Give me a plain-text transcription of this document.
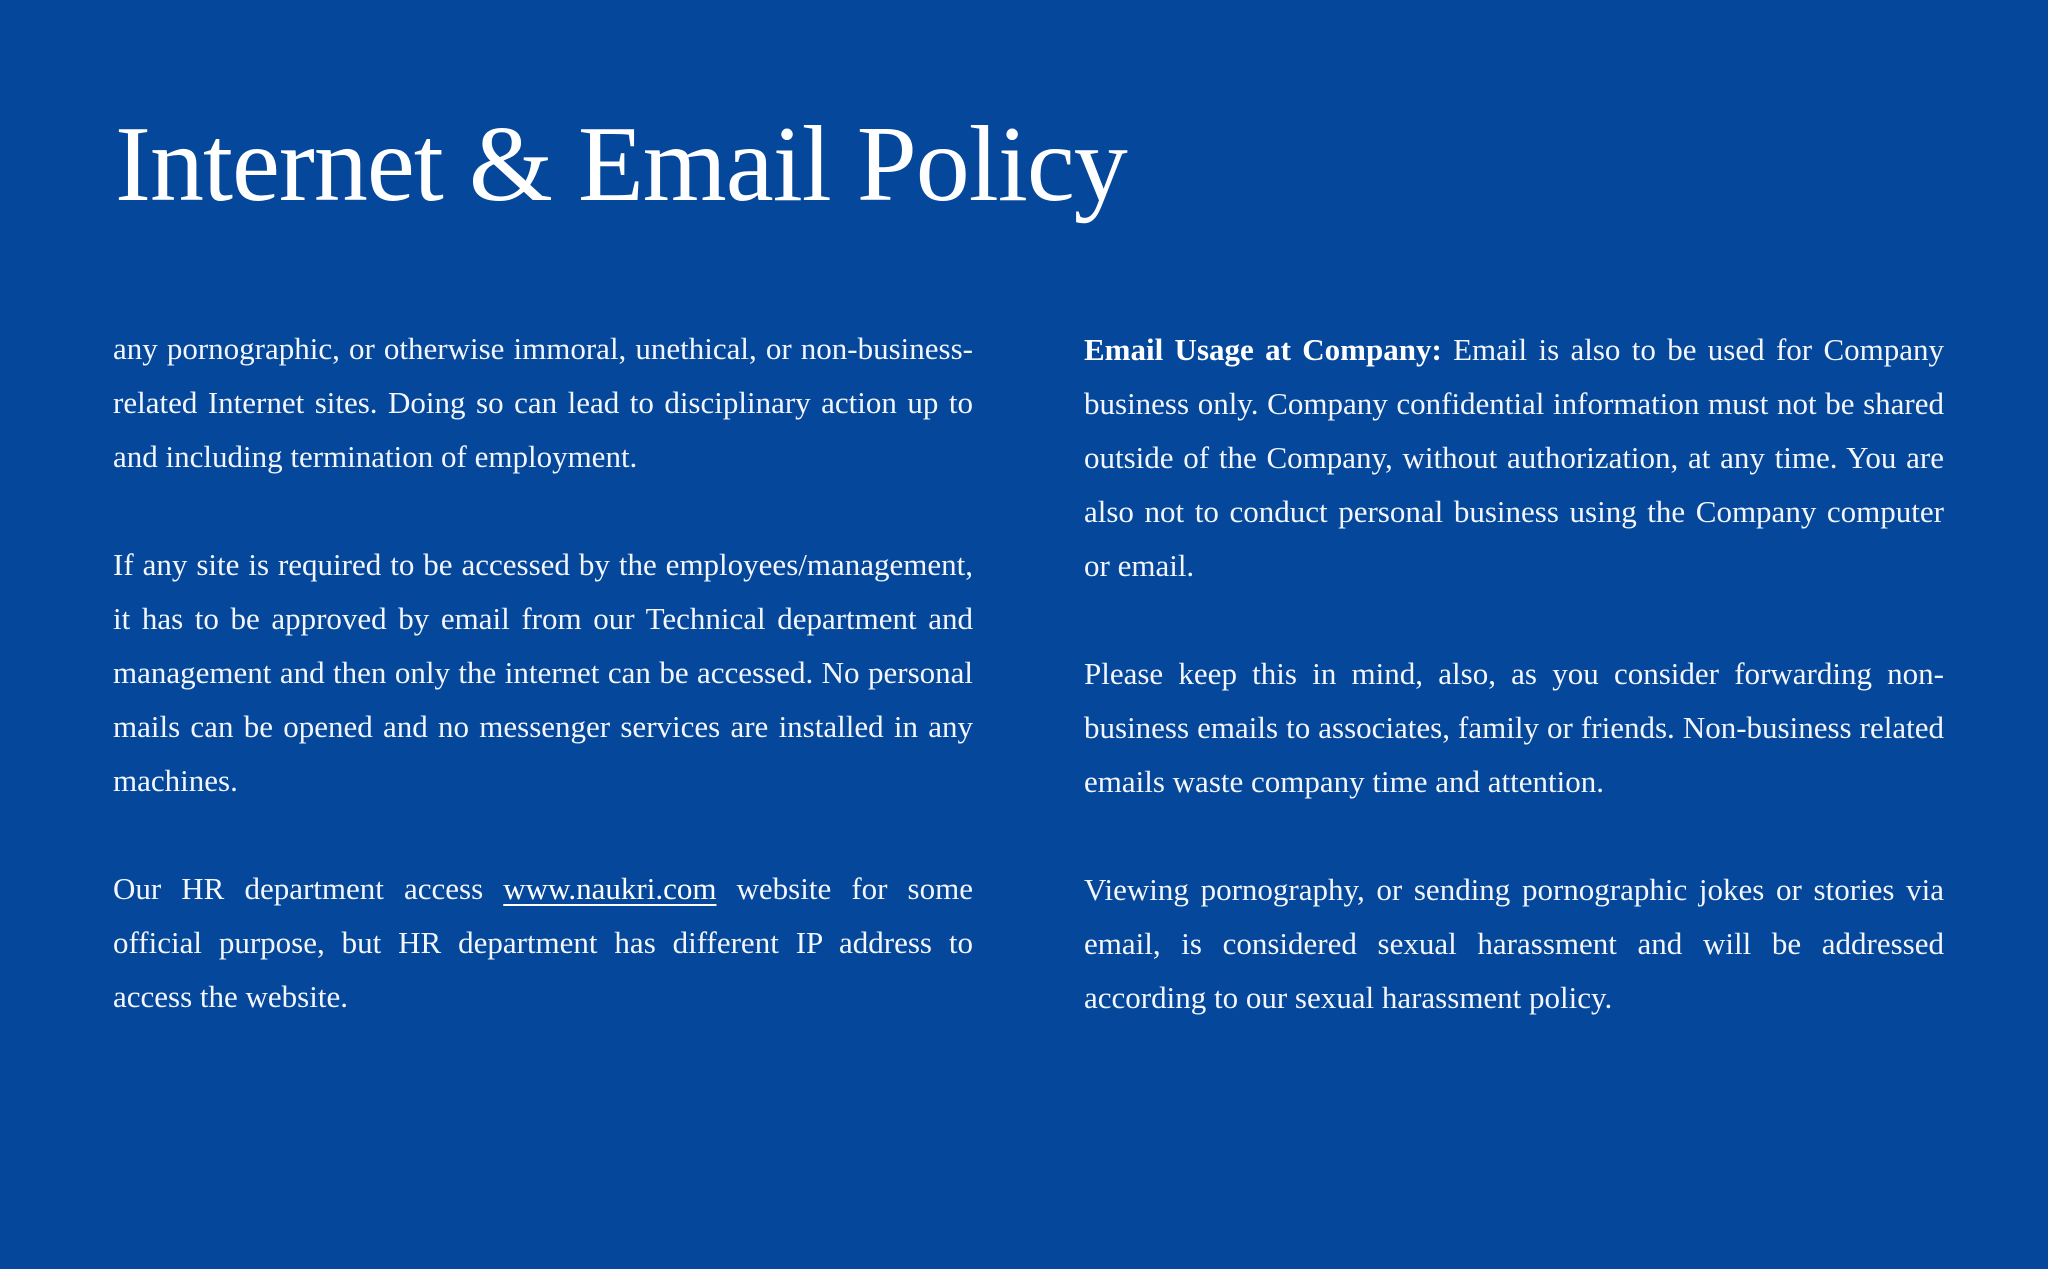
Internet & Email Policy

any pornographic, or otherwise immoral, unethical, or non-business-related Internet sites. Doing so can lead to disciplinary action up to and including termination of employment.

If any site is required to be accessed by the employees/management, it has to be approved by email from our Technical department and management and then only the internet can be accessed. No personal mails can be opened and no messenger services are installed in any machines.

Our HR department access www.naukri.com website for some official purpose, but HR department has different IP address to access the website.

Email Usage at Company: Email is also to be used for Company business only. Company confidential information must not be shared outside of the Company, without authorization, at any time. You are also not to conduct personal business using the Company computer or email.

Please keep this in mind, also, as you consider forwarding non-business emails to associates, family or friends. Non-business related emails waste company time and attention.

Viewing pornography, or sending pornographic jokes or stories via email, is considered sexual harassment and will be addressed according to our sexual harassment policy.
